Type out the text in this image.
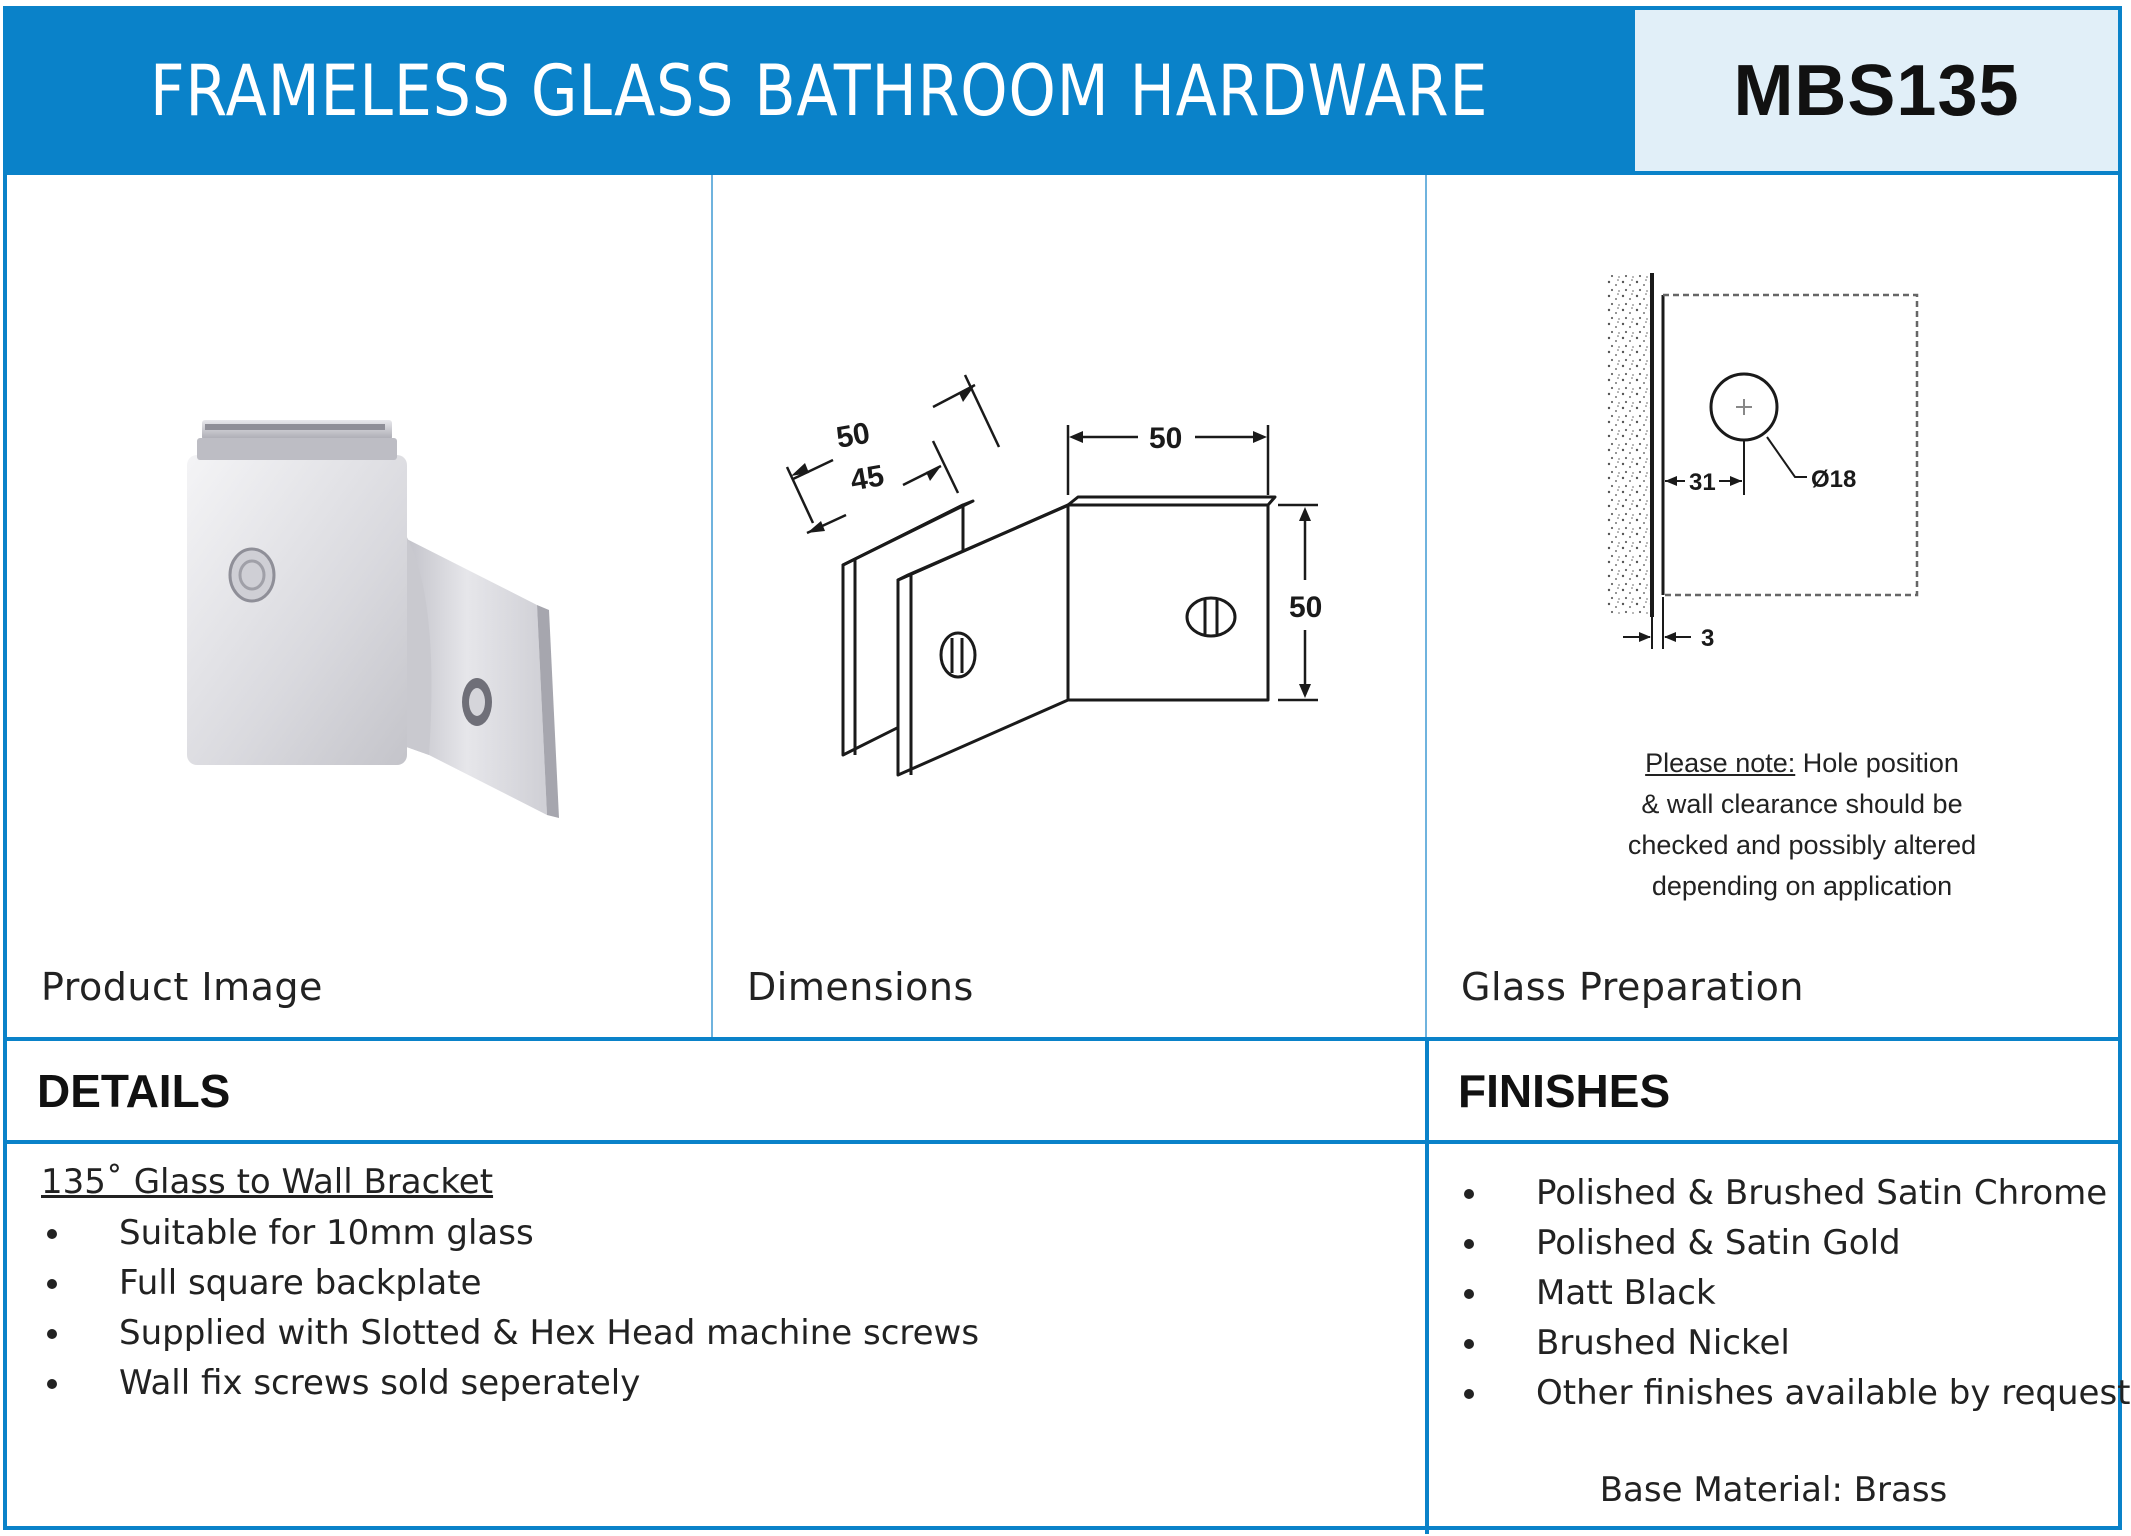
FRAMELESS GLASS BATHROOM HARDWARE	MBS135
Product Image
50
45
50
50
Dimensions
31	Ø18
3
Please note: Hole position
& wall clearance should be
checked and possibly altered
depending on application
Glass Preparation
DETAILS
135˚ Glass to Wall Bracket
Suitable for 10mm glass
Full square backplate
Supplied with Slotted & Hex Head machine screws
Wall fix screws sold seperately
FINISHES
Polished & Brushed Satin Chrome
Polished & Satin Gold
Matt Black
Brushed Nickel
Other finishes available by request
Base Material: Brass
